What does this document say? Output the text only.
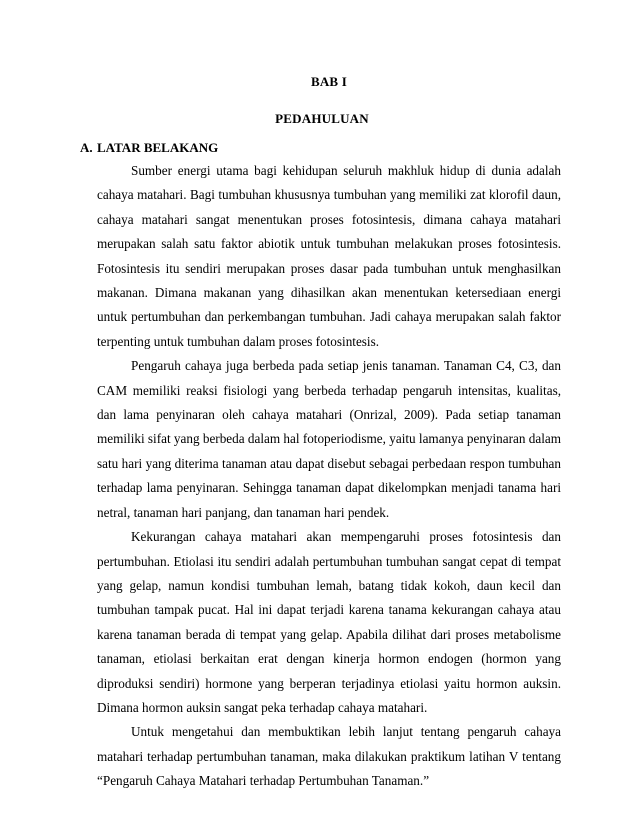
BAB I
PEDAHULUAN
A. LATAR BELAKANG

Sumber energi utama bagi kehidupan seluruh makhluk hidup di dunia adalah cahaya matahari. Bagi tumbuhan khususnya tumbuhan yang memiliki zat klorofil daun, cahaya matahari sangat menentukan proses fotosintesis, dimana cahaya matahari merupakan salah satu faktor abiotik untuk tumbuhan melakukan proses fotosintesis. Fotosintesis itu sendiri merupakan proses dasar pada tumbuhan untuk menghasilkan makanan. Dimana makanan yang dihasilkan akan menentukan ketersediaan energi untuk pertumbuhan dan perkembangan tumbuhan. Jadi cahaya merupakan salah faktor terpenting untuk tumbuhan dalam proses fotosintesis.

Pengaruh cahaya juga berbeda pada setiap jenis tanaman. Tanaman C4, C3, dan CAM memiliki reaksi fisiologi yang berbeda terhadap pengaruh intensitas, kualitas, dan lama penyinaran oleh cahaya matahari (Onrizal, 2009). Pada setiap tanaman memiliki sifat yang berbeda dalam hal fotoperiodisme, yaitu lamanya penyinaran dalam satu hari yang diterima tanaman atau dapat disebut sebagai perbedaan respon tumbuhan terhadap lama penyinaran. Sehingga tanaman dapat dikelompkan menjadi tanama hari netral, tanaman hari panjang, dan tanaman hari pendek.

Kekurangan cahaya matahari akan mempengaruhi proses fotosintesis dan pertumbuhan. Etiolasi itu sendiri adalah pertumbuhan tumbuhan sangat cepat di tempat yang gelap, namun kondisi tumbuhan lemah, batang tidak kokoh, daun kecil dan tumbuhan tampak pucat. Hal ini dapat terjadi karena tanama kekurangan cahaya atau karena tanaman berada di tempat yang gelap. Apabila dilihat dari proses metabolisme tanaman, etiolasi berkaitan erat dengan kinerja hormon endogen (hormon yang diproduksi sendiri) hormone yang berperan terjadinya etiolasi yaitu hormon auksin. Dimana hormon auksin sangat peka terhadap cahaya matahari.

Untuk mengetahui dan membuktikan lebih lanjut tentang pengaruh cahaya matahari terhadap pertumbuhan tanaman, maka dilakukan praktikum latihan V tentang “Pengaruh Cahaya Matahari terhadap Pertumbuhan Tanaman.”
